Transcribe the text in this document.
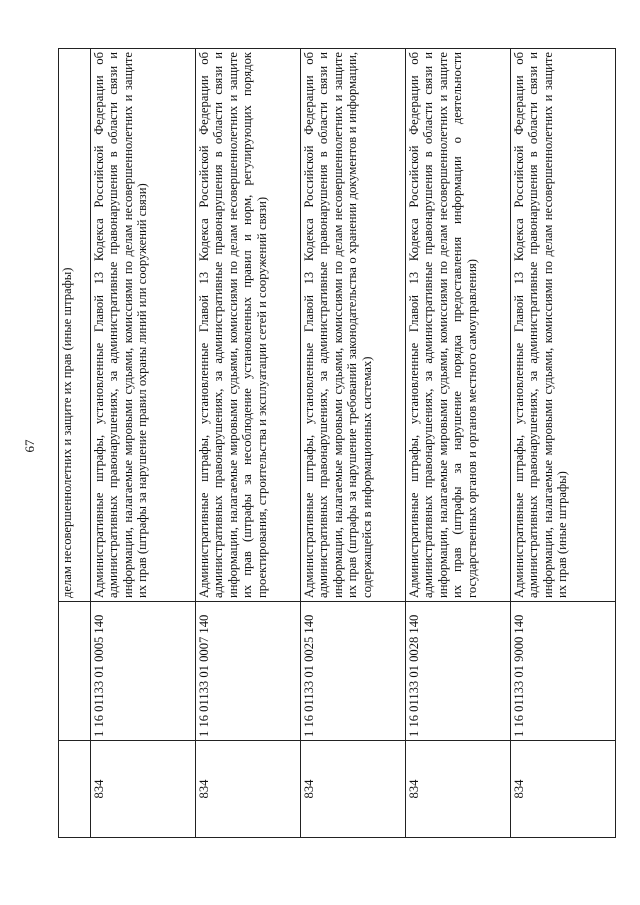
67
		делам несовершеннолетних и защите их прав (иные штрафы)
834	1 16 01133 01 0005 140	Административные штрафы, установленные Главой 13 Кодекса Российской Федерации об административных правонарушениях, за административные правонарушения в области связи и информации, налагаемые мировыми судьями, комиссиями по делам несовершеннолетних и защите их прав (штрафы за нарушение правил охраны линий или сооружений связи)
834	1 16 01133 01 0007 140	Административные штрафы, установленные Главой 13 Кодекса Российской Федерации об административных правонарушениях, за административные правонарушения в области связи и информации, налагаемые мировыми судьями, комиссиями по делам несовершеннолетних и защите их прав (штрафы за несоблюдение установленных правил и норм, регулирующих порядок проектирования, строительства и эксплуатации сетей и сооружений связи)
834	1 16 01133 01 0025 140	Административные штрафы, установленные Главой 13 Кодекса Российской Федерации об административных правонарушениях, за административные правонарушения в области связи и информации, налагаемые мировыми судьями, комиссиями по делам несовершеннолетних и защите их прав (штрафы за нарушение требований законодательства о хранении документов и информации, содержащейся в информационных системах)
834	1 16 01133 01 0028 140	Административные штрафы, установленные Главой 13 Кодекса Российской Федерации об административных правонарушениях, за административные правонарушения в области связи и информации, налагаемые мировыми судьями, комиссиями по делам несовершеннолетних и защите их прав (штрафы за нарушение порядка предоставления информации о деятельности государственных органов и органов местного самоуправления)
834	1 16 01133 01 9000 140	Административные штрафы, установленные Главой 13 Кодекса Российской Федерации об административных правонарушениях, за административные правонарушения в области связи и информации, налагаемые мировыми судьями, комиссиями по делам несовершеннолетних и защите их прав (иные штрафы)
